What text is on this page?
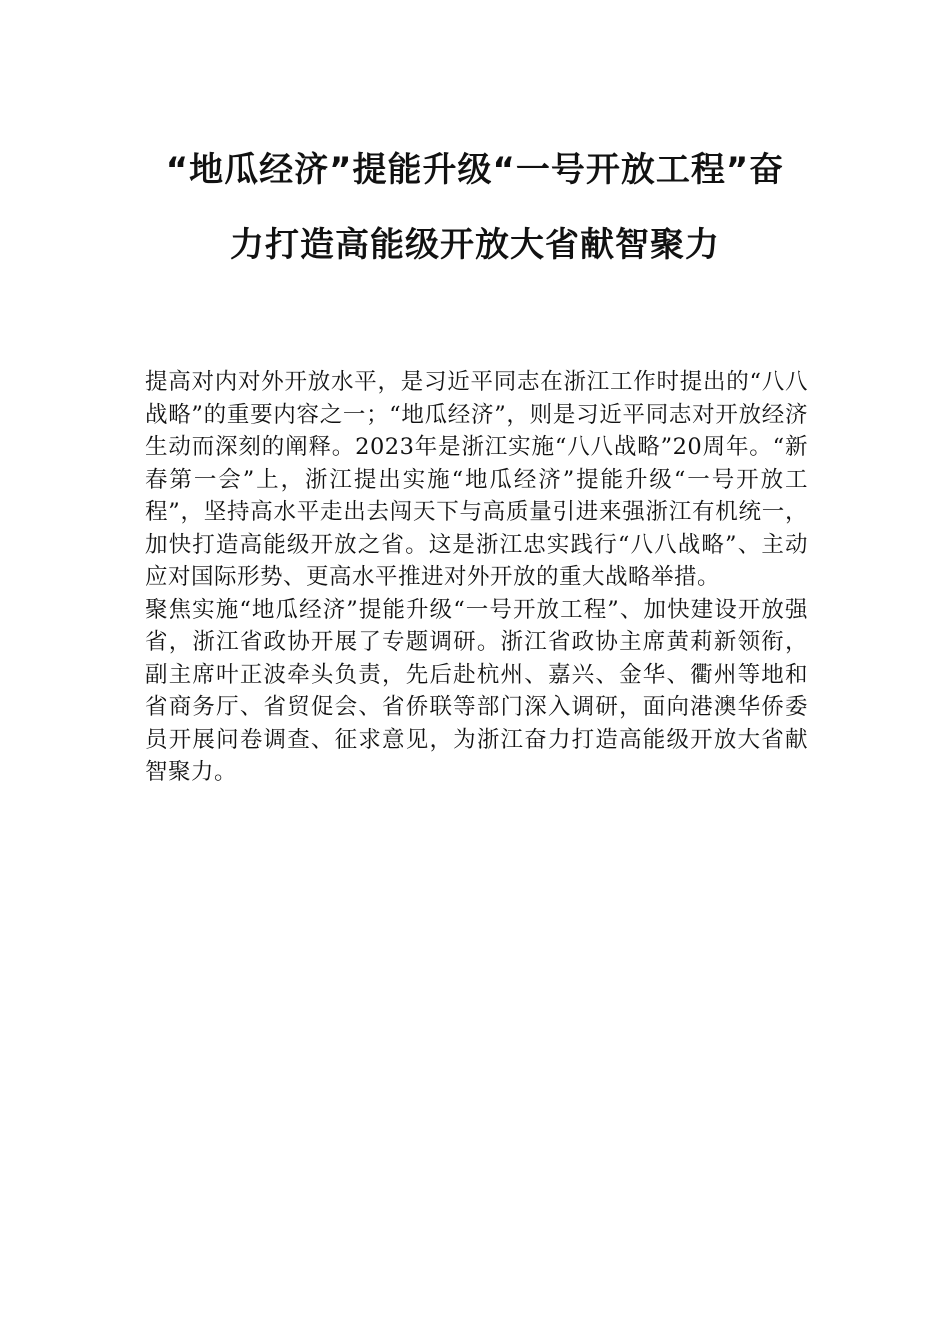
“地瓜经济”提能升级“一号开放工程”奋
力打造高能级开放大省献智聚力

提高对内对外开放水平，是习近平同志在浙江工作时提出的“八八战略”的重要内容之一；“地瓜经济”，则是习近平同志对开放经济生动而深刻的阐释。2023年是浙江实施“八八战略”20周年。“新春第一会”上，浙江提出实施“地瓜经济”提能升级“一号开放工程”，坚持高水平走出去闯天下与高质量引进来强浙江有机统一，加快打造高能级开放之省。这是浙江忠实践行“八八战略”、主动应对国际形势、更高水平推进对外开放的重大战略举措。

聚焦实施“地瓜经济”提能升级“一号开放工程”、加快建设开放强省，浙江省政协开展了专题调研。浙江省政协主席黄莉新领衔，副主席叶正波牵头负责，先后赴杭州、嘉兴、金华、衢州等地和省商务厅、省贸促会、省侨联等部门深入调研，面向港澳华侨委员开展问卷调查、征求意见，为浙江奋力打造高能级开放大省献智聚力。
